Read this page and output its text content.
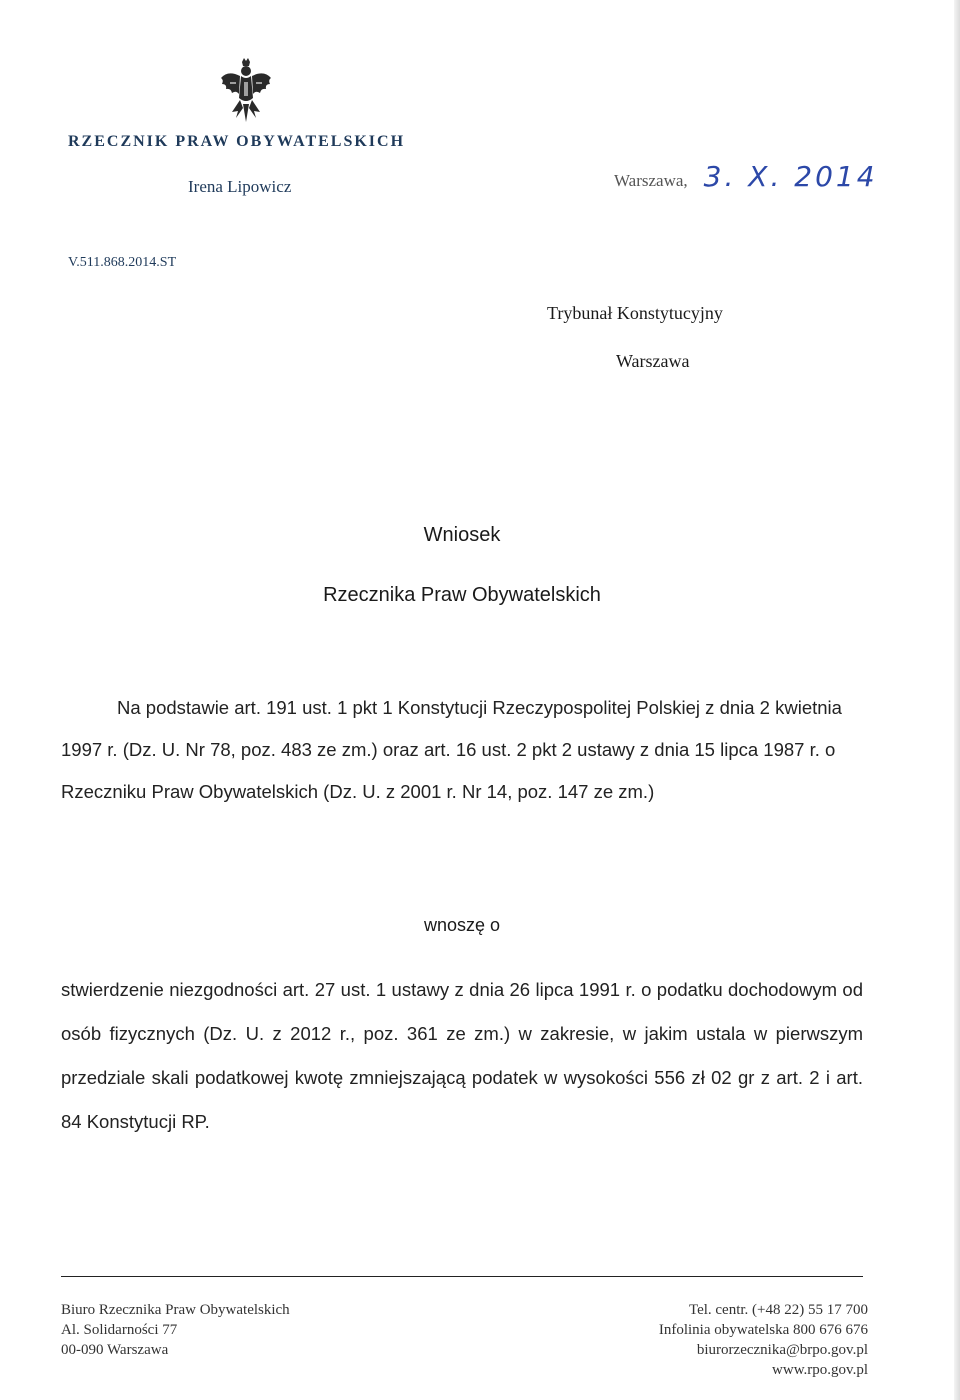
RZECZNIK PRAW OBYWATELSKICH
Irena Lipowicz	Warszawa, 3. X. 2014
V.511.868.2014.ST
Trybunał Konstytucyjny
Warszawa
Wniosek
Rzecznika Praw Obywatelskich
Na podstawie art. 191 ust. 1 pkt 1 Konstytucji Rzeczypospolitej Polskiej z dnia 2 kwietnia 1997 r. (Dz. U. Nr 78, poz. 483 ze zm.) oraz art. 16 ust. 2 pkt 2 ustawy z dnia 15 lipca 1987 r. o Rzeczniku Praw Obywatelskich (Dz. U. z 2001 r. Nr 14, poz. 147 ze zm.)
wnoszę o
stwierdzenie niezgodności art. 27 ust. 1 ustawy z dnia 26 lipca 1991 r. o podatku dochodowym od osób fizycznych (Dz. U. z 2012 r., poz. 361 ze zm.) w zakresie, w jakim ustala w pierwszym przedziale skali podatkowej kwotę zmniejszającą podatek w wysokości 556 zł 02 gr z art. 2 i art. 84 Konstytucji RP.
Biuro Rzecznika Praw Obywatelskich
Al. Solidarności 77
00-090 Warszawa
Tel. centr. (+48 22) 55 17 700
Infolinia obywatelska 800 676 676
biurorzecznika@brpo.gov.pl
www.rpo.gov.pl
